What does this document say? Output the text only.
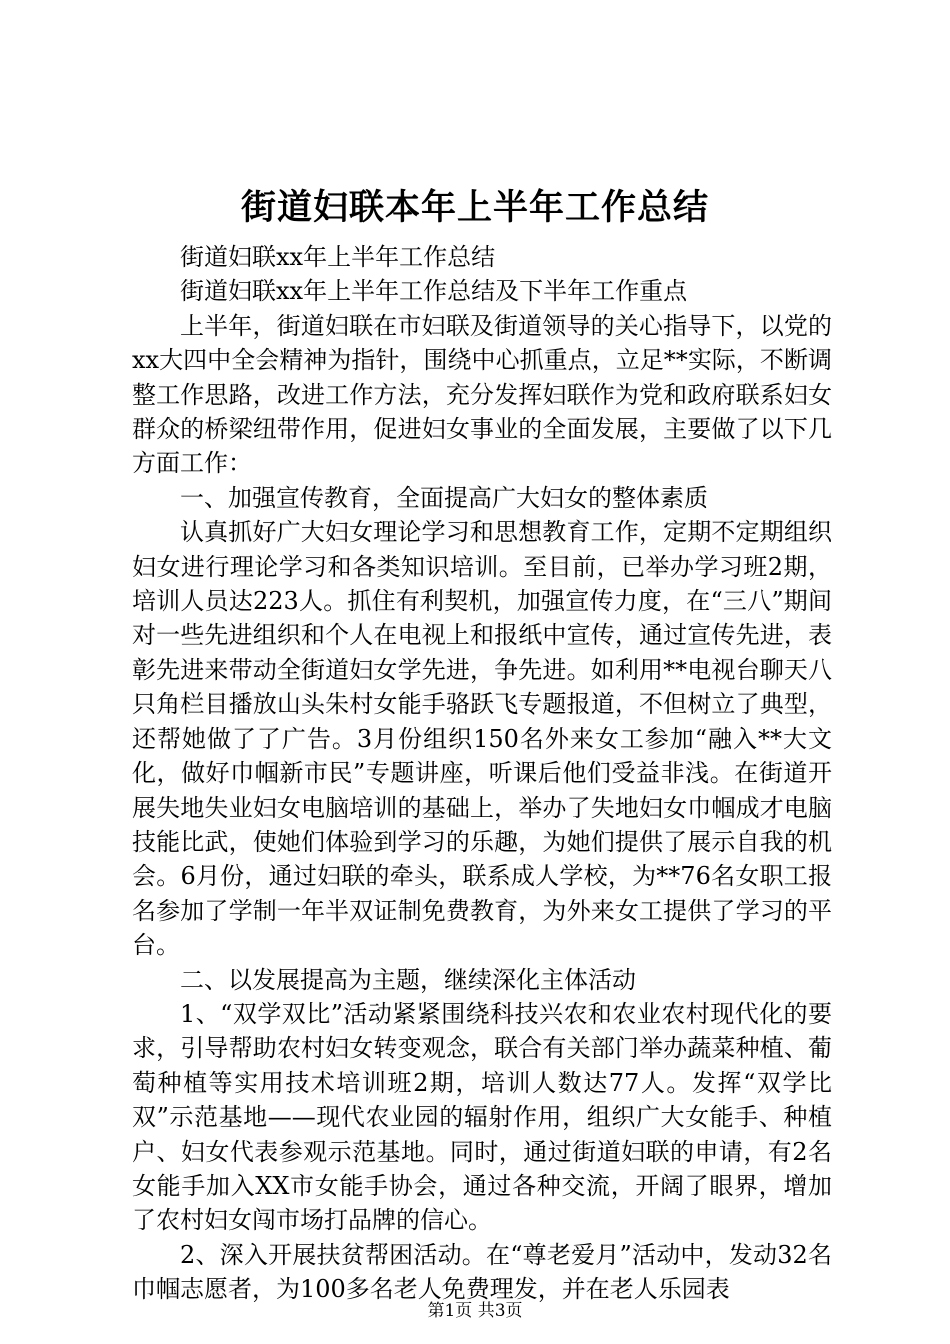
街道妇联本年上半年工作总结

街道妇联xx年上半年工作总结

街道妇联xx年上半年工作总结及下半年工作重点

上半年，街道妇联在市妇联及街道领导的关心指导下，以党的xx大四中全会精神为指针，围绕中心抓重点，立足**实际，不断调整工作思路，改进工作方法，充分发挥妇联作为党和政府联系妇女群众的桥梁纽带作用，促进妇女事业的全面发展，主要做了以下几方面工作：

一、加强宣传教育，全面提高广大妇女的整体素质

认真抓好广大妇女理论学习和思想教育工作，定期不定期组织妇女进行理论学习和各类知识培训。至目前，已举办学习班2期，培训人员达223人。抓住有利契机，加强宣传力度，在“三八”期间对一些先进组织和个人在电视上和报纸中宣传，通过宣传先进，表彰先进来带动全街道妇女学先进，争先进。如利用**电视台聊天八只角栏目播放山头朱村女能手骆跃飞专题报道，不但树立了典型，还帮她做了了广告。3月份组织150名外来女工参加“融入**大文化，做好巾帼新市民”专题讲座，听课后他们受益非浅。在街道开展失地失业妇女电脑培训的基础上，举办了失地妇女巾帼成才电脑技能比武，使她们体验到学习的乐趣，为她们提供了展示自我的机会。6月份，通过妇联的牵头，联系成人学校，为**76名女职工报名参加了学制一年半双证制免费教育，为外来女工提供了学习的平台。

二、以发展提高为主题，继续深化主体活动

1、“双学双比”活动紧紧围绕科技兴农和农业农村现代化的要求，引导帮助农村妇女转变观念，联合有关部门举办蔬菜种植、葡萄种植等实用技术培训班2期，培训人数达77人。发挥“双学比双”示范基地——现代农业园的辐射作用，组织广大女能手、种植户、妇女代表参观示范基地。同时，通过街道妇联的申请，有2名女能手加入XX市女能手协会，通过各种交流，开阔了眼界，增加了农村妇女闯市场打品牌的信心。

2、深入开展扶贫帮困活动。在“尊老爱月”活动中，发动32名巾帼志愿者，为100多名老人免费理发，并在老人乐园表

第1页 共3页
